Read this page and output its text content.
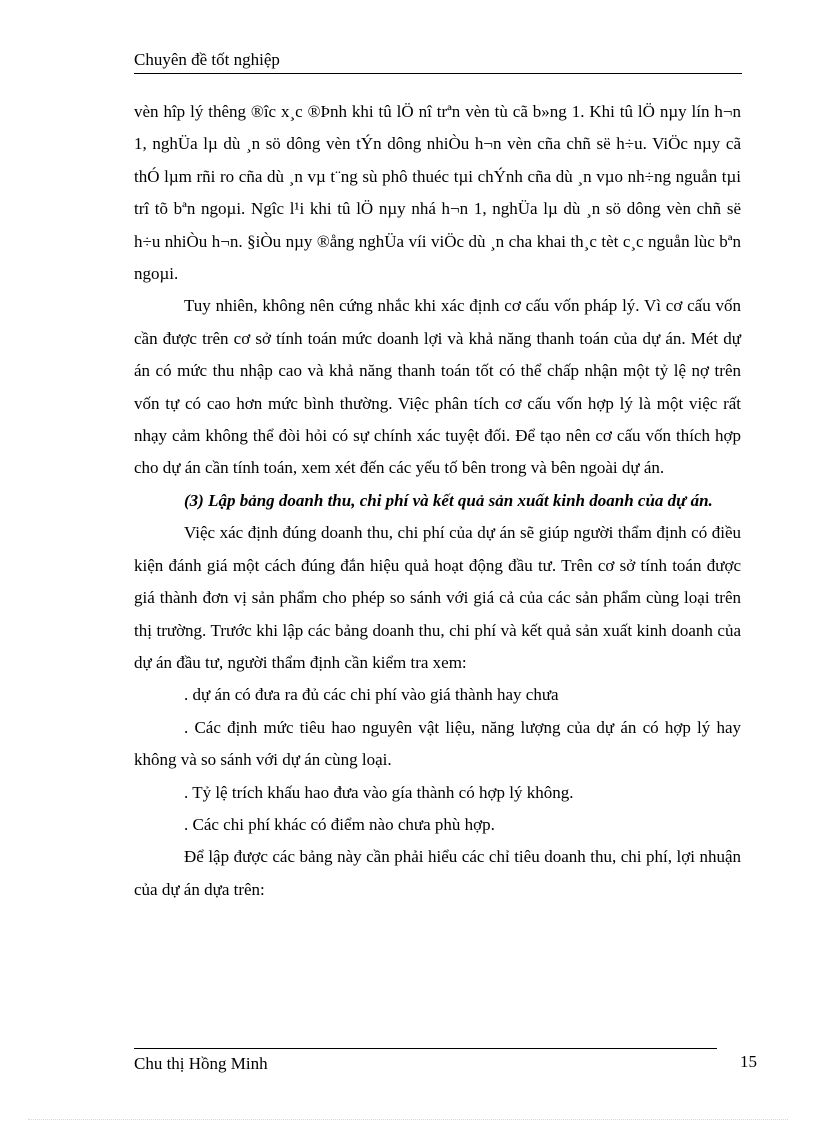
Chuyên đề tốt nghiệp

vèn hîp lý thêng ®îc x¸c ®Þnh khi tû lÖ nî trªn vèn tù cã b»ng 1. Khi tû lÖ nµy lín h¬n 1, nghÜa lµ dù ¸n sö dông vèn tÝn dông nhiÒu h¬n vèn cña chñ së h÷u. ViÖc nµy cã thÓ lµm rñi ro cña dù ¸n vµ t¨ng sù phô thuéc tµi chÝnh cña dù ¸n vµo nh÷ng nguån tµi trî tõ bªn ngoµi. Ngîc l¹i khi tû lÖ nµy nhá h¬n 1, nghÜa lµ dù ¸n sö dông vèn chñ së h÷u nhiÒu h¬n. §iÒu nµy ®ång nghÜa víi viÖc dù ¸n cha khai th¸c tèt c¸c nguån lùc bªn ngoµi.

Tuy nhiên, không nên cứng nhắc khi xác định cơ cấu vốn pháp lý. Vì cơ cấu vốn cần được trên cơ sở tính toán mức doanh lợi và khả năng thanh toán của dự án. Mét dự án có mức thu nhập cao và khả năng thanh toán tốt có thể chấp nhận một tỷ lệ nợ trên vốn tự có cao hơn mức bình thường. Việc phân tích cơ cấu vốn hợp lý là một việc rất nhạy cảm không thể đòi hỏi có sự chính xác tuyệt đối. Để tạo nên cơ cấu vốn thích hợp cho dự án cần tính toán, xem xét đến các yếu tố bên trong và bên ngoài dự án.

(3) Lập bảng doanh thu, chi phí và kết quả sản xuất kinh doanh của dự án.

Việc xác định đúng doanh thu, chi phí của dự án sẽ giúp người thẩm định có điều kiện đánh giá một cách đúng đắn hiệu quả hoạt động đầu tư. Trên cơ sở tính toán được giá thành đơn vị sản phẩm cho phép so sánh với giá cả của các sản phẩm cùng loại trên thị trường. Trước khi lập các bảng doanh thu, chi phí và kết quả sản xuất kinh doanh của dự án đầu tư, người thẩm định cần kiểm tra xem:

. dự án có đưa ra đủ các chi phí vào giá thành hay chưa

. Các định mức tiêu hao nguyên vật liệu, năng lượng của dự án có hợp lý hay không và so sánh với dự án cùng loại.

. Tỷ lệ trích khấu hao đưa vào gía thành có hợp lý không.

. Các chi phí khác có điểm nào chưa phù hợp.

Để lập được các bảng này cần phải hiểu các chỉ tiêu doanh thu, chi phí, lợi nhuận của dự án dựa trên:

Chu thị Hồng Minh	15
